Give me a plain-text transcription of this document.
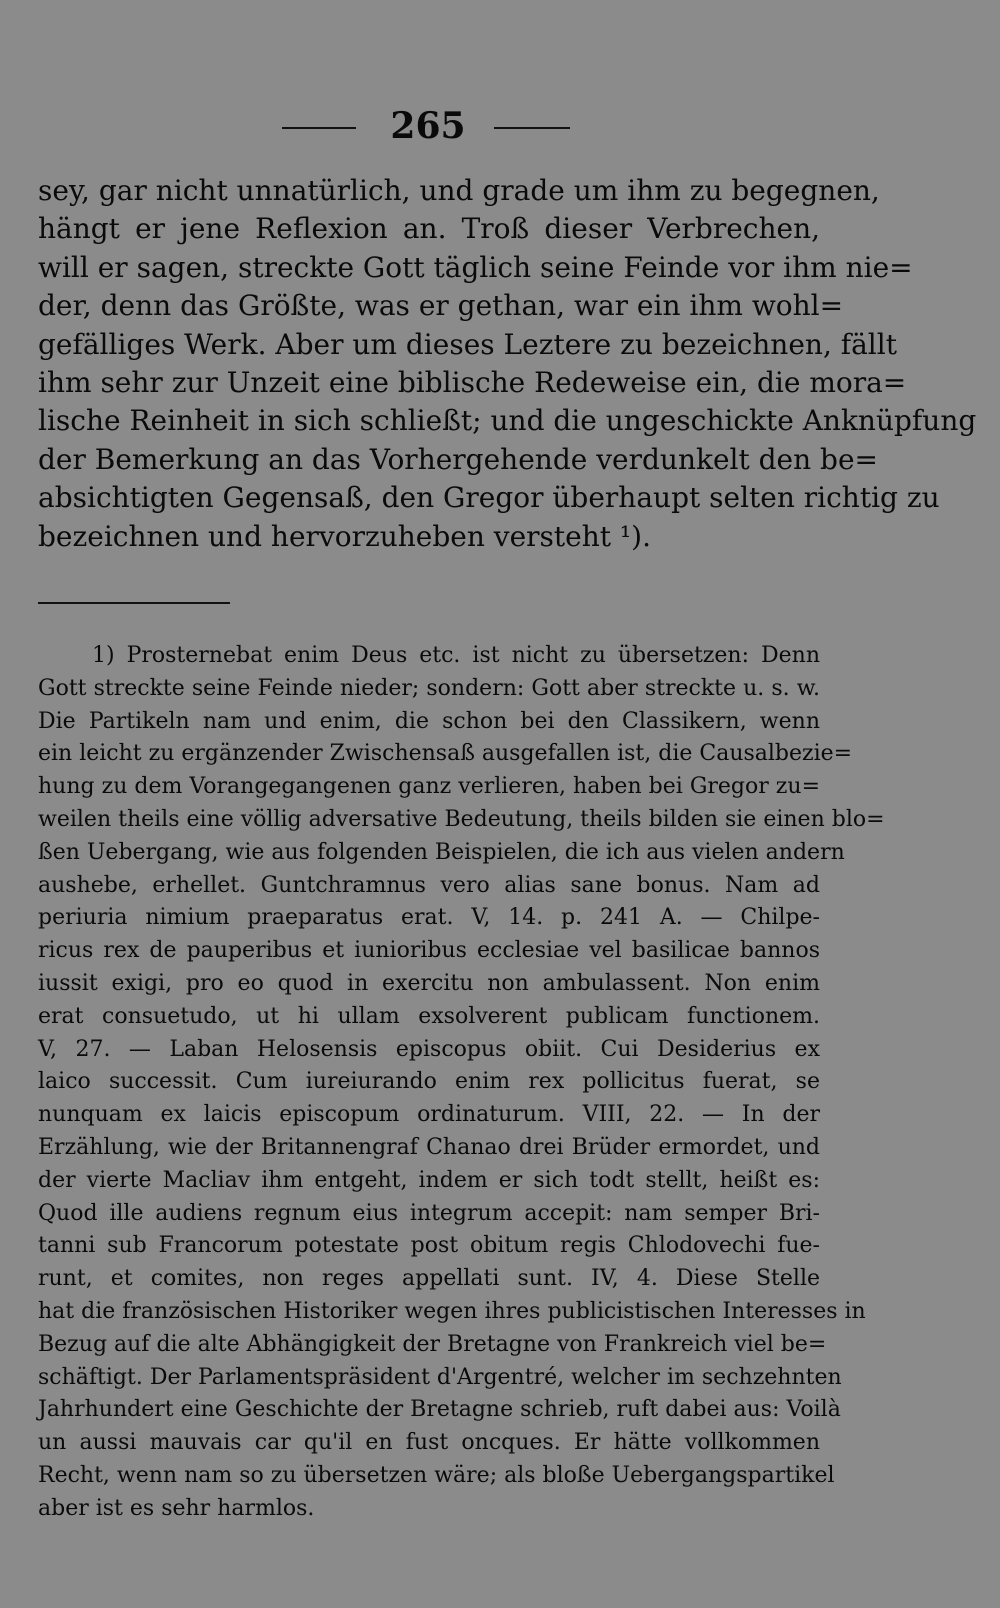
265
sey, gar nicht unnatürlich, und grade um ihm zu begegnen,
hängt er jene Reflexion an. Troß dieser Verbrechen,
will er sagen, streckte Gott täglich seine Feinde vor ihm nie=
der, denn das Größte, was er gethan, war ein ihm wohl=
gefälliges Werk. Aber um dieses Leztere zu bezeichnen, fällt
ihm sehr zur Unzeit eine biblische Redeweise ein, die mora=
lische Reinheit in sich schließt; und die ungeschickte Anknüpfung
der Bemerkung an das Vorhergehende verdunkelt den be=
absichtigten Gegensaß, den Gregor überhaupt selten richtig zu
bezeichnen und hervorzuheben versteht ¹).
1) Prosternebat enim Deus etc. ist nicht zu übersetzen: Denn
Gott streckte seine Feinde nieder; sondern: Gott aber streckte u. s. w.
Die Partikeln nam und enim, die schon bei den Classikern, wenn
ein leicht zu ergänzender Zwischensaß ausgefallen ist, die Causalbezie=
hung zu dem Vorangegangenen ganz verlieren, haben bei Gregor zu=
weilen theils eine völlig adversative Bedeutung, theils bilden sie einen blo=
ßen Uebergang, wie aus folgenden Beispielen, die ich aus vielen andern
aushebe, erhellet. Guntchramnus vero alias sane bonus. Nam ad
periuria nimium praeparatus erat. V, 14. p. 241 A. — Chilpe-
ricus rex de pauperibus et iunioribus ecclesiae vel basilicae bannos
iussit exigi, pro eo quod in exercitu non ambulassent. Non enim
erat consuetudo, ut hi ullam exsolverent publicam functionem.
V, 27. — Laban Helosensis episcopus obiit. Cui Desiderius ex
laico successit. Cum iureiurando enim rex pollicitus fuerat, se
nunquam ex laicis episcopum ordinaturum. VIII, 22. — In der
Erzählung, wie der Britannengraf Chanao drei Brüder ermordet, und
der vierte Macliav ihm entgeht, indem er sich todt stellt, heißt es:
Quod ille audiens regnum eius integrum accepit: nam semper Bri-
tanni sub Francorum potestate post obitum regis Chlodovechi fue-
runt, et comites, non reges appellati sunt. IV, 4. Diese Stelle
hat die französischen Historiker wegen ihres publicistischen Interesses in
Bezug auf die alte Abhängigkeit der Bretagne von Frankreich viel be=
schäftigt. Der Parlamentspräsident d'Argentré, welcher im sechzehnten
Jahrhundert eine Geschichte der Bretagne schrieb, ruft dabei aus: Voilà
un aussi mauvais car qu'il en fust oncques. Er hätte vollkommen
Recht, wenn nam so zu übersetzen wäre; als bloße Uebergangspartikel
aber ist es sehr harmlos.
